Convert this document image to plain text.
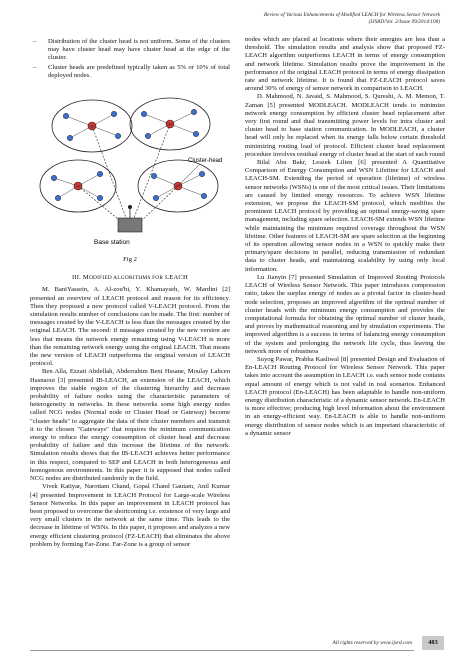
Review of Various Enhancements of Modified LEACH for Wireless Sensor Network
(IJSRD/Vol. 2/Issue 09/2014/108)
– Distribution of the cluster head is not uniform. Some of the clusters may have cluster head may have cluster head at the edge of the cluster.
– Cluster heads are predefined typically taken as 5% or 10% of total deployed nodes.
Cluster-head
Base station
Fig 2
III. MODIFIED ALGORITHMS FOR LEACH

M. BaniYassein, A. Al-zou'bi, Y. Khamayseh, W. Mardini [2] presented an overview of LEACH protocol and reason for its efficiency. Then they proposed a new protocol called V-LEACH protocol. From the simulation results number of conclusions can be made. The first: number of messages created by the V-LEACH is less than the messages created by the original LEACH. The second: if messages created by the new version are less that means the network energy remaining using V-LEACH is more than the remaining network energy using the original LEACH. That means the new version of LEACH outperforms the original version of LEACH protocol.

Ben Alla, Ezzati Abdellah, Abderrahim Beni Hssane, Moulay Lahcen Hasnaoui [3] presented IB-LEACH, an extension of the LEACH, which improves the stable region of the clustering hierarchy and decrease probability of failure nodes using the characteristic parameters of heterogeneity in networks. In these networks some high energy nodes called NCG nodes (Normal node or Cluster Head or Gateway) become "cluster heads" to aggregate the data of their cluster members and transmit it to the chosen "Gateways" that requires the minimum communication energy to reduce the energy consumption of cluster head and decrease probability of failure and this increase the lifetime of the network. Simulation results shows that the IB-LEACH achieves better performance in this respect, compared to SEP and LEACH in both heterogeneous and homogenous environments. In this paper it is supposed that nodes called NCG nodes are distributed randomly in the field.

Vivek Katiyar, Narottam Chand, Gopal Chand Gautam, Anil Kumar [4] presented Improvement in LEACH Protocol for Large-scale Wireless Sensor Networks. In this paper an improvement in LEACH protocol has been proposed to overcome the shortcoming i.e. existence of very large and very small clusters in the network at the same time. This leads to the decrease in lifetime of WSNs. In this paper, it proposes and analyzes a new energy efficient clustering protocol (FZ-LEACH) that eliminates the above problem by forming Far-Zone. Far-Zone is a group of sensor

nodes which are placed at locations where their energies are less than a threshold. The simulation results and analysis show that proposed FZ-LEACH algorithm outperforms LEACH in terms of energy consumption and network lifetime. Simulation results prove the improvement in the performance of the original LEACH protocol in terms of energy dissipation rate and network lifetime. It is found that FZ-LEACH protocol saves around 30% of energy of sensor network in comparison to LEACH.

D. Mahmood, N. Javaid, S. Mahmood, S. Qureshi, A. M. Memon, T. Zaman [5] presented MODLEACH. MODLEACH tends to minimize network energy consumption by efficient cluster head replacement after very first round and dual transmitting power levels for intra cluster and cluster head to base station communication. In MODLEACH, a cluster head will only be replaced when its energy falls below certain threshold minimizing routing load of protocol. Efficient cluster head replacement procedure involves residual energy of cluster head at the start of each round

Bilal Abu Bakr, Leszek Lilien [6] presented A Quantitative Comparison of Energy Consumption and WSN Lifetime for LEACH and LEACH-SM. Extending the period of operation (lifetime) of wireless sensor networks (WSNs) is one of the most critical issues. Their limitations are caused by limited energy resources. To achieve WSN lifetime extension, we propose the LEACH-SM protocol, which modifies the prominent LEACH protocol by providing an optimal energy-saving spare management, including spare selection. LEACH-SM extends WSN lifetime while maintaining the minimum required coverage throughout the WSN lifetime. Other features of LEACH-SM are spare selection at the beginning of its operation allowing sensor nodes in a WSN to quickly make their primary/spare decisions in parallel, reducing transmission of redundant data to cluster heads, and maintaining scalability by using only local information.

Lu Jianyin [7] presented Simulation of Improved Routing Protocols LEACH of Wireless Sensor Network. This paper introduces compression ratio, takes the surplus energy of nodes as a pivotal factor in cluster-head node selection, proposes an improved algorithm of the optimal number of cluster heads with the minimum energy consumption and provides the computational formula for obtaining the optimal number of cluster heads, and proves by mathematical reasoning and by simulation experiments. The improved algorithm is a success in terms of balancing energy consumption of the system and prolonging the network life cycle, thus leaving the network more of robustness

Suyog Pawar, Prabha Kasliwal [8] presented Design and Evaluation of En-LEACH Routing Protocol for Wireless Sensor Network. This paper takes into account the assumption in LEACH i.e. each sensor node contains equal amount of energy which is not valid in real scenarios. Enhanced LEACH protocol (En-LEACH) has been adaptable to handle non-uniform energy distribution characteristic of a dynamic sensor network. En-LEACH is more effective; producing high level information about the environment in an energy-efficient way. En-LEACH is able to handle non-uniform energy distribution of sensor nodes which is an important characteristic of a dynamic sensor

All rights reserved by www.ijsrd.com	483
